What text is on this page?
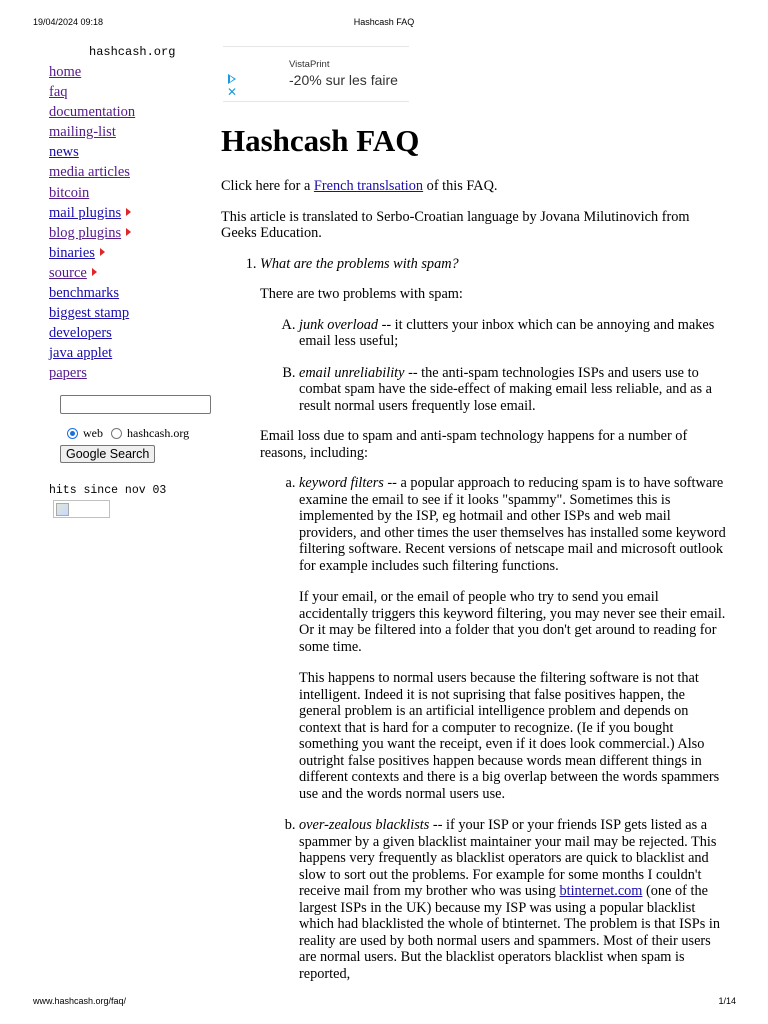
19/04/2024 09:18	Hashcash FAQ
hashcash.org
home
faq
documentation
mailing-list
news
media articles
bitcoin
mail plugins
blog plugins
binaries
source
benchmarks
biggest stamp
developers
java applet
papers
web hashcash.org
Google Search
hits since nov 03
✕
VistaPrint
-20% sur les faire
Hashcash FAQ

Click here for a French translsation of this FAQ.

This article is translated to Serbo-Croatian language by Jovana Milutinovich from Geeks Education.

1. What are the problems with spam?

There are two problems with spam:

A. junk overload -- it clutters your inbox which can be annoying and makes email less useful;
B. email unreliability -- the anti-spam technologies ISPs and users use to combat spam have the side-effect of making email less reliable, and as a result normal users frequently lose email.

Email loss due to spam and anti-spam technology happens for a number of reasons, including:

a. keyword filters -- a popular approach to reducing spam is to have software examine the email to see if it looks "spammy". Sometimes this is implemented by the ISP, eg hotmail and other ISPs and web mail providers, and other times the user themselves has installed some keyword filtering software. Recent versions of netscape mail and microsoft outlook for example includes such filtering functions.

If your email, or the email of people who try to send you email accidentally triggers this keyword filtering, you may never see their email. Or it may be filtered into a folder that you don't get around to reading for some time.

This happens to normal users because the filtering software is not that intelligent. Indeed it is not suprising that false positives happen, the general problem is an artificial intelligence problem and depends on context that is hard for a computer to recognize. (Ie if you bought something you want the receipt, even if it does look commercial.) Also outright false positives happen because words mean different things in different contexts and there is a big overlap between the words spammers use and the words normal users use.

b. over-zealous blacklists -- if your ISP or your friends ISP gets listed as a spammer by a given blacklist maintainer your mail may be rejected. This happens very frequently as blacklist operators are quick to blacklist and slow to sort out the problems. For example for some months I couldn't receive mail from my brother who was using btinternet.com (one of the largest ISPs in the UK) because my ISP was using a popular blacklist which had blacklisted the whole of btinternet. The problem is that ISPs in reality are used by both normal users and spammers. Most of their users are normal users. But the blacklist operators blacklist when spam is reported,

www.hashcash.org/faq/	1/14
